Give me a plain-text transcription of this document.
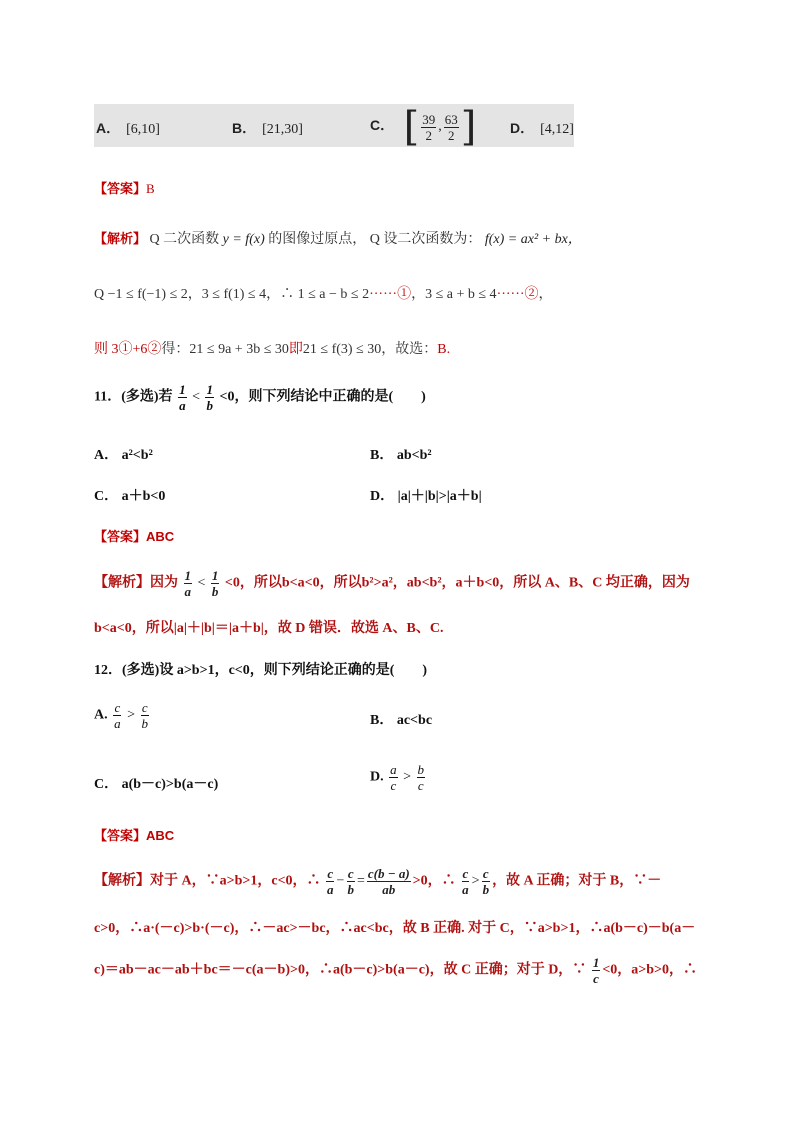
A． [6,10]	B． [21,30]	C． [ $\frac{39}{2}$ , $\frac{63}{2}$ ] D． [4,12]
【答案】B
【解析】 Q 二次函数 y = f(x) 的图像过原点， Q 设二次函数为： f(x) = ax² + bx，
Q −1 ≤ f(−1) ≤ 2，3 ≤ f(1) ≤ 4，∴ 1 ≤ a − b ≤ 2······①，3 ≤ a + b ≤ 4······②，
则 3①+6②得：21 ≤ 9a + 3b ≤ 30即21 ≤ f(3) ≤ 30，故选：B.
11．(多选)若 $\frac{1}{a} < \frac{1}{b} <0$，则下列结论中正确的是(　　)
A． a²<b²	B． ab<b²
C． a＋b<0	D． |a|＋|b|>|a＋b|
【答案】ABC
【解析】因为 $\frac{1}{a} < \frac{1}{b} <0$，所以b<a<0，所以b²>a²，ab<b²，a＋b<0，所以 A、B、C 均正确，因为
b<a<0，所以|a|＋|b|＝|a＋b|，故 D 错误．故选 A、B、C.
12．(多选)设 a>b>1，c<0，则下列结论正确的是(　　)
A. $\frac{c}{a} > \frac{c}{b}$	B． ac<bc
C． a(b－c)>b(a－c)	D. $\frac{a}{c} > \frac{b}{c}$
【答案】ABC
【解析】对于 A，∵a>b>1，c<0，∴ $\frac{c}{a} - \frac{c}{b} = \frac{c(b - a)}{ab} >0$，∴ $\frac{c}{a} > \frac{c}{b}$ ，故 A 正确；对于 B，∵－
c>0，∴a·(－c)>b·(－c)，∴－ac>－bc，∴ac<bc，故 B 正确. 对于 C，∵a>b>1，∴a(b－c)－b(a－
c)＝ab－ac－ab＋bc＝－c(a－b)>0，∴a(b－c)>b(a－c)，故 C 正确；对于 D，∵ $\frac{1}{c} <0$，a>b>0，∴
